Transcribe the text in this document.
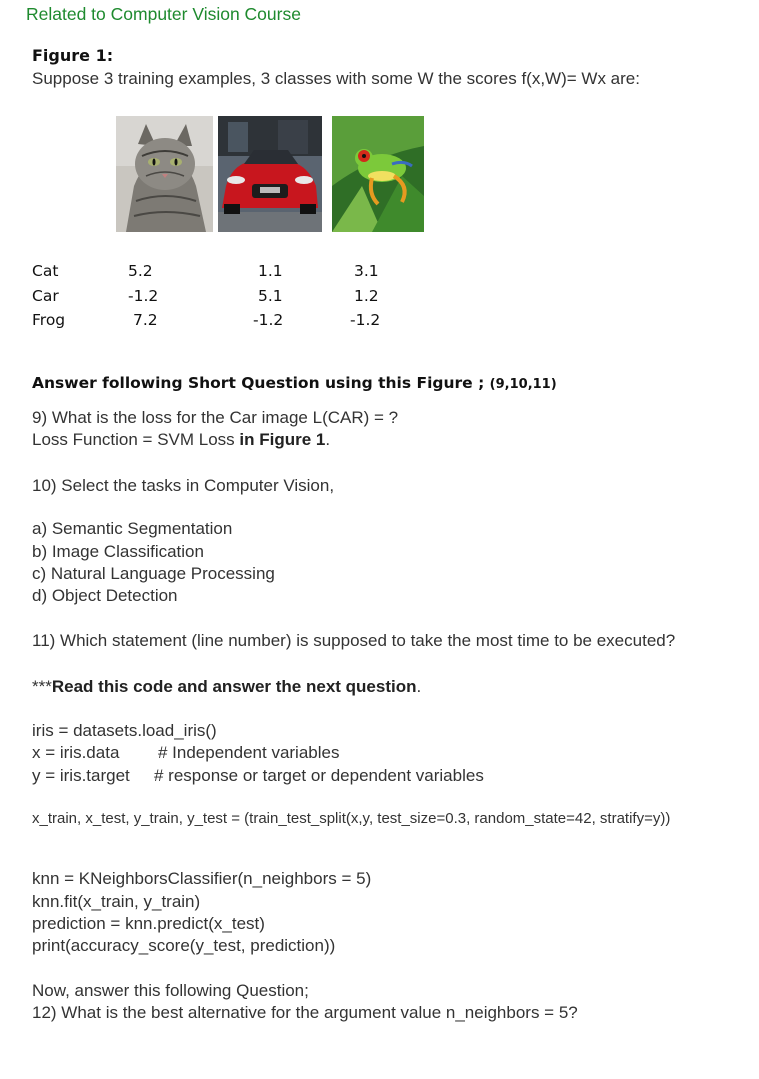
Related to Computer Vision Course
Figure 1:
Suppose 3 training examples, 3 classes with some W the scores f(x,W)= Wx are:
Cat	5.2	1.1	3.1
Car	-1.2	5.1	1.2
Frog	7.2	-1.2	-1.2
Answer following Short Question using this Figure ; (9,10,11)
9) What is the loss for the Car image L(CAR) = ?
Loss Function = SVM Loss in Figure 1.
10) Select the tasks in Computer Vision,
a) Semantic Segmentation
b) Image Classification
c) Natural Language Processing
d) Object Detection
11) Which statement (line number) is supposed to take the most time to be executed?
***Read this code and answer the next question.
iris = datasets.load_iris()
x = iris.data # Independent variables
y = iris.target # response or target or dependent variables
x_train, x_test, y_train, y_test = (train_test_split(x,y, test_size=0.3, random_state=42, stratify=y))
knn = KNeighborsClassifier(n_neighbors = 5)
knn.fit(x_train, y_train)
prediction = knn.predict(x_test)
print(accuracy_score(y_test, prediction))
Now, answer this following Question;
12) What is the best alternative for the argument value n_neighbors = 5?
